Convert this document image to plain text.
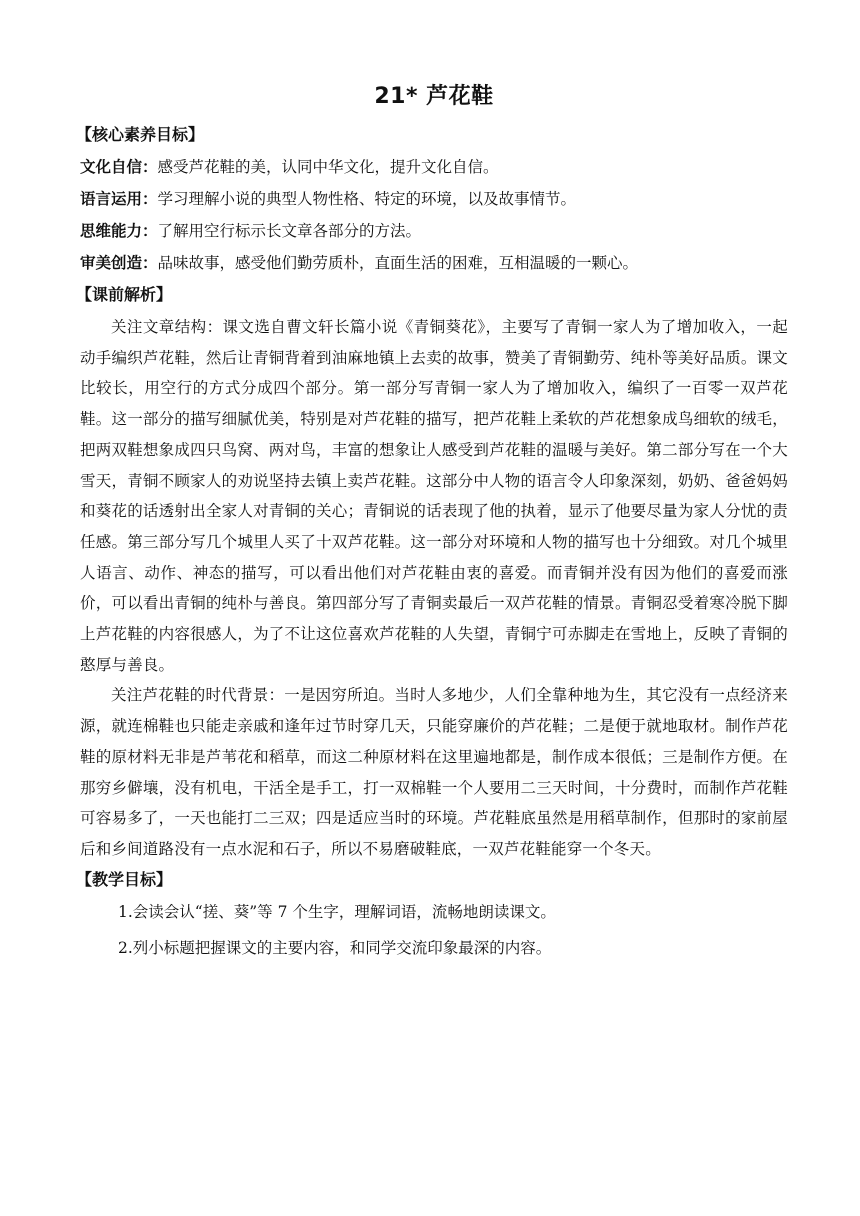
21* 芦花鞋
【核心素养目标】
文化自信：感受芦花鞋的美，认同中华文化，提升文化自信。
语言运用：学习理解小说的典型人物性格、特定的环境，以及故事情节。
思维能力：了解用空行标示长文章各部分的方法。
审美创造：品味故事，感受他们勤劳质朴，直面生活的困难，互相温暖的一颗心。
【课前解析】

关注文章结构：课文选自曹文轩长篇小说《青铜葵花》，主要写了青铜一家人为了增加收入，一起动手编织芦花鞋，然后让青铜背着到油麻地镇上去卖的故事，赞美了青铜勤劳、纯朴等美好品质。课文比较长，用空行的方式分成四个部分。第一部分写青铜一家人为了增加收入，编织了一百零一双芦花鞋。这一部分的描写细腻优美，特别是对芦花鞋的描写，把芦花鞋上柔软的芦花想象成鸟细软的绒毛，把两双鞋想象成四只鸟窝、两对鸟，丰富的想象让人感受到芦花鞋的温暖与美好。第二部分写在一个大雪天，青铜不顾家人的劝说坚持去镇上卖芦花鞋。这部分中人物的语言令人印象深刻，奶奶、爸爸妈妈和葵花的话透射出全家人对青铜的关心；青铜说的话表现了他的执着，显示了他要尽量为家人分忧的责任感。第三部分写几个城里人买了十双芦花鞋。这一部分对环境和人物的描写也十分细致。对几个城里人语言、动作、神态的描写，可以看出他们对芦花鞋由衷的喜爱。而青铜并没有因为他们的喜爱而涨价，可以看出青铜的纯朴与善良。第四部分写了青铜卖最后一双芦花鞋的情景。青铜忍受着寒冷脱下脚上芦花鞋的内容很感人，为了不让这位喜欢芦花鞋的人失望，青铜宁可赤脚走在雪地上，反映了青铜的憨厚与善良。

关注芦花鞋的时代背景：一是因穷所迫。当时人多地少，人们全靠种地为生，其它没有一点经济来源，就连棉鞋也只能走亲戚和逢年过节时穿几天，只能穿廉价的芦花鞋；二是便于就地取材。制作芦花鞋的原材料无非是芦苇花和稻草，而这二种原材料在这里遍地都是，制作成本很低；三是制作方便。在那穷乡僻壤，没有机电，干活全是手工，打一双棉鞋一个人要用二三天时间，十分费时，而制作芦花鞋可容易多了，一天也能打二三双；四是适应当时的环境。芦花鞋底虽然是用稻草制作，但那时的家前屋后和乡间道路没有一点水泥和石子，所以不易磨破鞋底，一双芦花鞋能穿一个冬天。

【教学目标】
1.会读会认“搓、葵”等 7 个生字，理解词语，流畅地朗读课文。
2.列小标题把握课文的主要内容，和同学交流印象最深的内容。
